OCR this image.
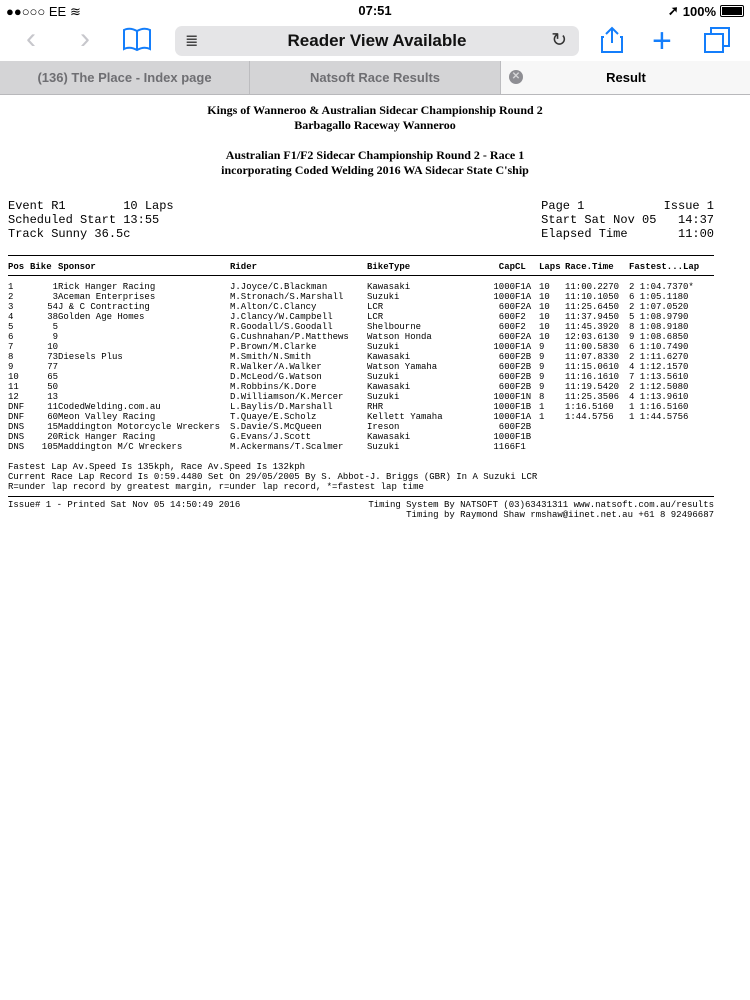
●●○○○ EE ≋	07:51	➚ 100%
‹ ›	≣	Reader View Available	↻	+
(136) The Place - Index page	Natsoft Race Results	✕	Result
Kings of Wanneroo & Australian Sidecar Championship Round 2
Barbagallo Raceway Wanneroo
Australian F1/F2 Sidecar Championship Round 2 - Race 1
incorporating Coded Welding 2016 WA Sidecar State C'ship
Event R1        10 Laps
Scheduled Start 13:55
Track Sunny 36.5c
Page 1           Issue 1
Start Sat Nov 05   14:37
Elapsed Time       11:00
Pos Bike Sponsor	Rider	BikeType	CapCL Laps Race.Time Fastest...Lap
1	1Rick Hanger Racing	J.Joyce/C.Blackman	Kawasaki	1000F1A 10 11:00.2270 2 1:04.7370*
2	3Aceman Enterprises	M.Stronach/S.Marshall	Suzuki	1000F1A 10 11:10.1050 6 1:05.1180
3	54J & C Contracting	M.Alton/C.Clancy	LCR	600F2A 10 11:25.6450 2 1:07.0520
4	38Golden Age Homes	J.Clancy/W.Campbell	LCR	600F2 10 11:37.9450 5 1:08.9790
5	5	R.Goodall/S.Goodall	Shelbourne	600F2 10 11:45.3920 8 1:08.9180
6	9	G.Cushnahan/P.Matthews Watson Honda	600F2A 10 12:03.6130 9 1:08.6850
7	10	P.Brown/M.Clarke	Suzuki	1000F1A 9 11:00.5830 6 1:10.7490
8	73Diesels Plus	M.Smith/N.Smith	Kawasaki	600F2B 9 11:07.8330 2 1:11.6270
9	77	R.Walker/A.Walker	Watson Yamaha	600F2B 9 11:15.0610 4 1:12.1570
10	65	D.McLeod/G.Watson	Suzuki	600F2B 9 11:16.1610 7 1:13.5610
11	50	M.Robbins/K.Dore	Kawasaki	600F2B 9 11:19.5420 2 1:12.5080
12	13	D.Williamson/K.Mercer	Suzuki	1000F1N 8 11:25.3506 4 1:13.9610
DNF	11CodedWelding.com.au	L.Baylis/D.Marshall	RHR	1000F1B 1 1:16.5160 1 1:16.5160
DNF	60Meon Valley Racing	T.Quaye/E.Scholz	Kellett Yamaha	1000F1A 1 1:44.5756 1 1:44.5756
DNS	15Maddington Motorcycle Wreckers S.Davie/S.McQueen	Ireson	600F2B
DNS	20Rick Hanger Racing	G.Evans/J.Scott	Kawasaki	1000F1B
DNS 105Maddington M/C Wreckers	M.Ackermans/T.Scalmer	Suzuki	1166F1
Fastest Lap Av.Speed Is 135kph, Race Av.Speed Is 132kph
Current Race Lap Record Is 0:59.4480 Set On 29/05/2005 By S. Abbot-J. Briggs (GBR) In A Suzuki LCR
R=under lap record by greatest margin, r=under lap record, *=fastest lap time
Issue# 1 - Printed Sat Nov 05 14:50:49 2016	Timing System By NATSOFT (03)63431311 www.natsoft.com.au/results
Timing by Raymond Shaw rmshaw@iinet.net.au +61 8 92496687
